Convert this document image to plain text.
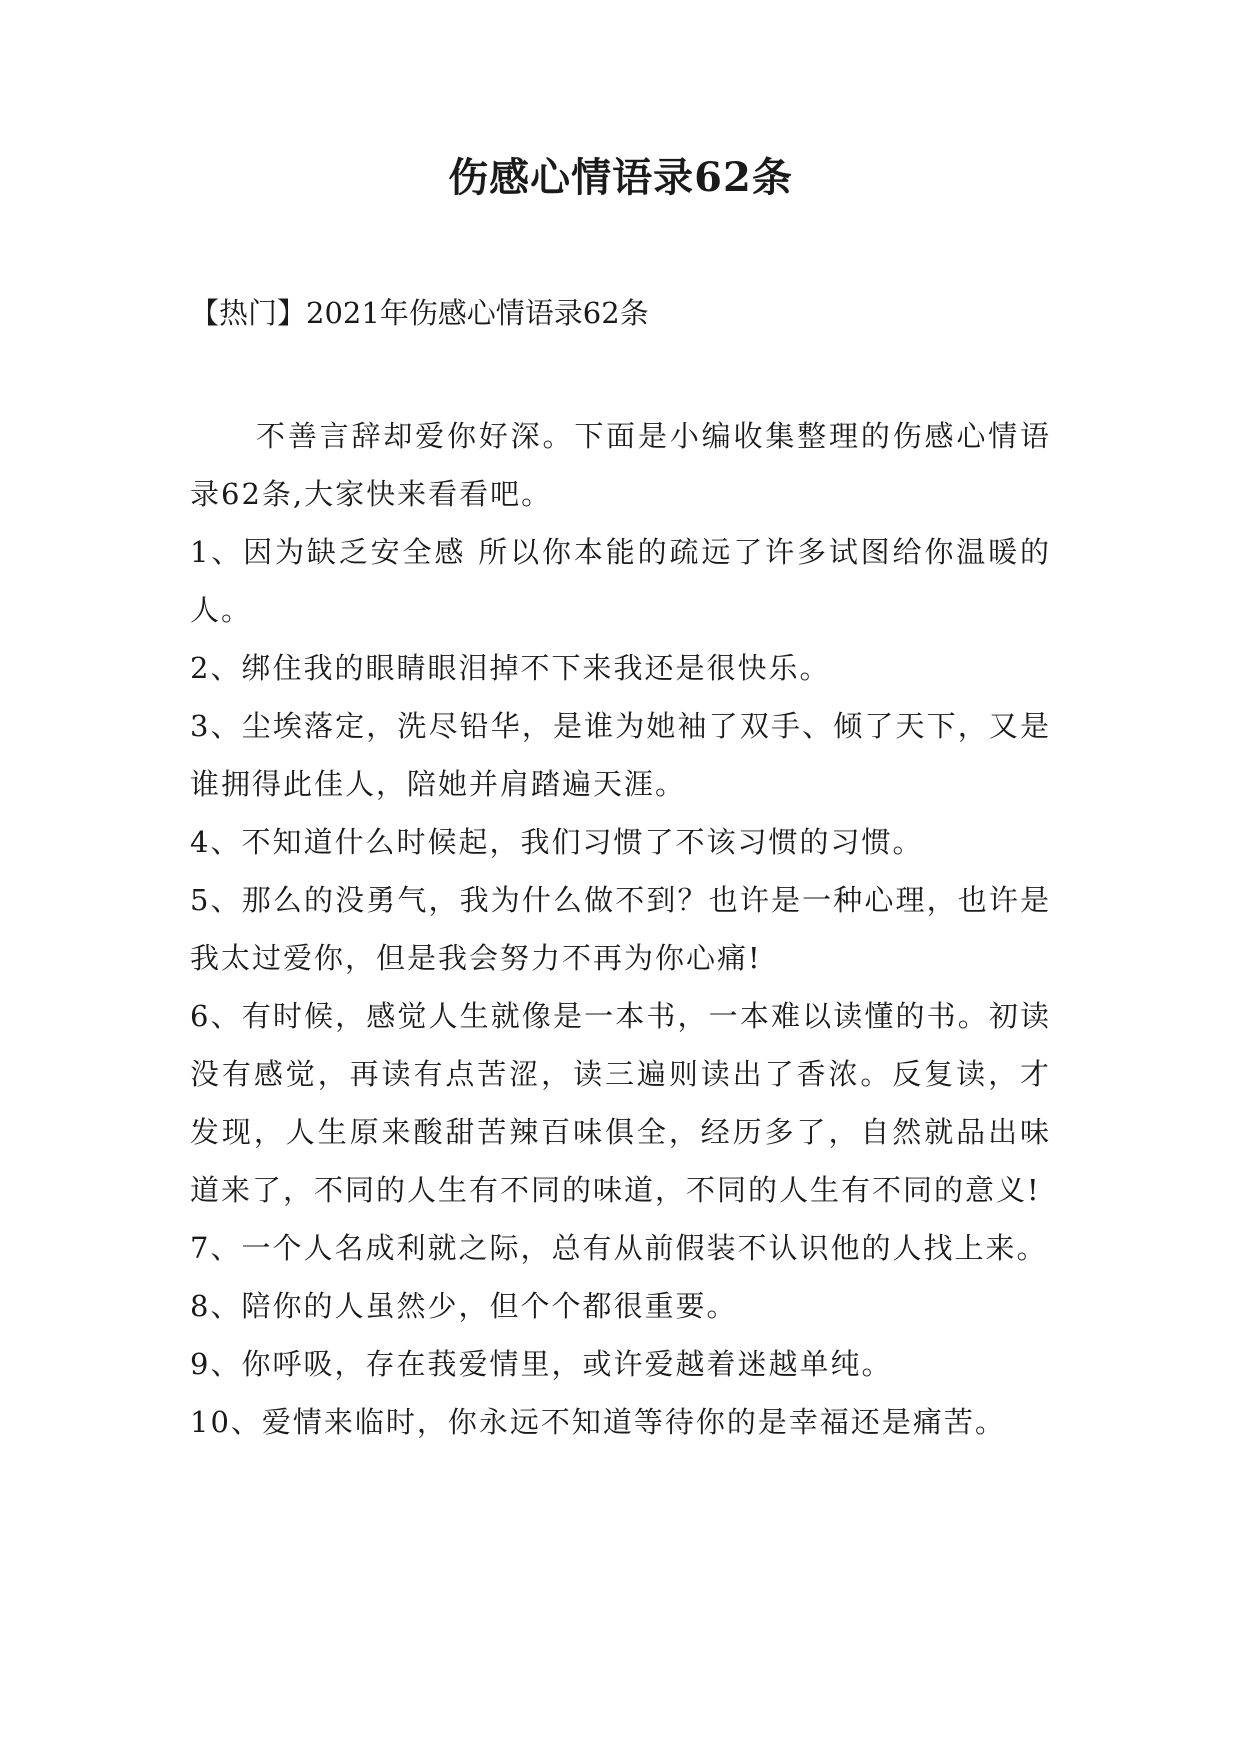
伤感心情语录62条
【热门】2021年伤感心情语录62条

不善言辞却爱你好深。下面是小编收集整理的伤感心情语录62条,大家快来看看吧。

1、因为缺乏安全感 所以你本能的疏远了许多试图给你温暖的人。

2、绑住我的眼睛眼泪掉不下来我还是很快乐。

3、尘埃落定，洗尽铅华，是谁为她袖了双手、倾了天下，又是谁拥得此佳人，陪她并肩踏遍天涯。

4、不知道什么时候起，我们习惯了不该习惯的习惯。

5、那么的没勇气，我为什么做不到？也许是一种心理，也许是我太过爱你，但是我会努力不再为你心痛!

6、有时候，感觉人生就像是一本书，一本难以读懂的书。初读没有感觉，再读有点苦涩，读三遍则读出了香浓。反复读，才发现，人生原来酸甜苦辣百味俱全，经历多了，自然就品出味道来了，不同的人生有不同的味道，不同的人生有不同的意义!

7、一个人名成利就之际，总有从前假装不认识他的人找上来。

8、陪你的人虽然少，但个个都很重要。

9、你呼吸，存在莪爱情里，或许爱越着迷越单纯。

10、爱情来临时，你永远不知道等待你的是幸福还是痛苦。
